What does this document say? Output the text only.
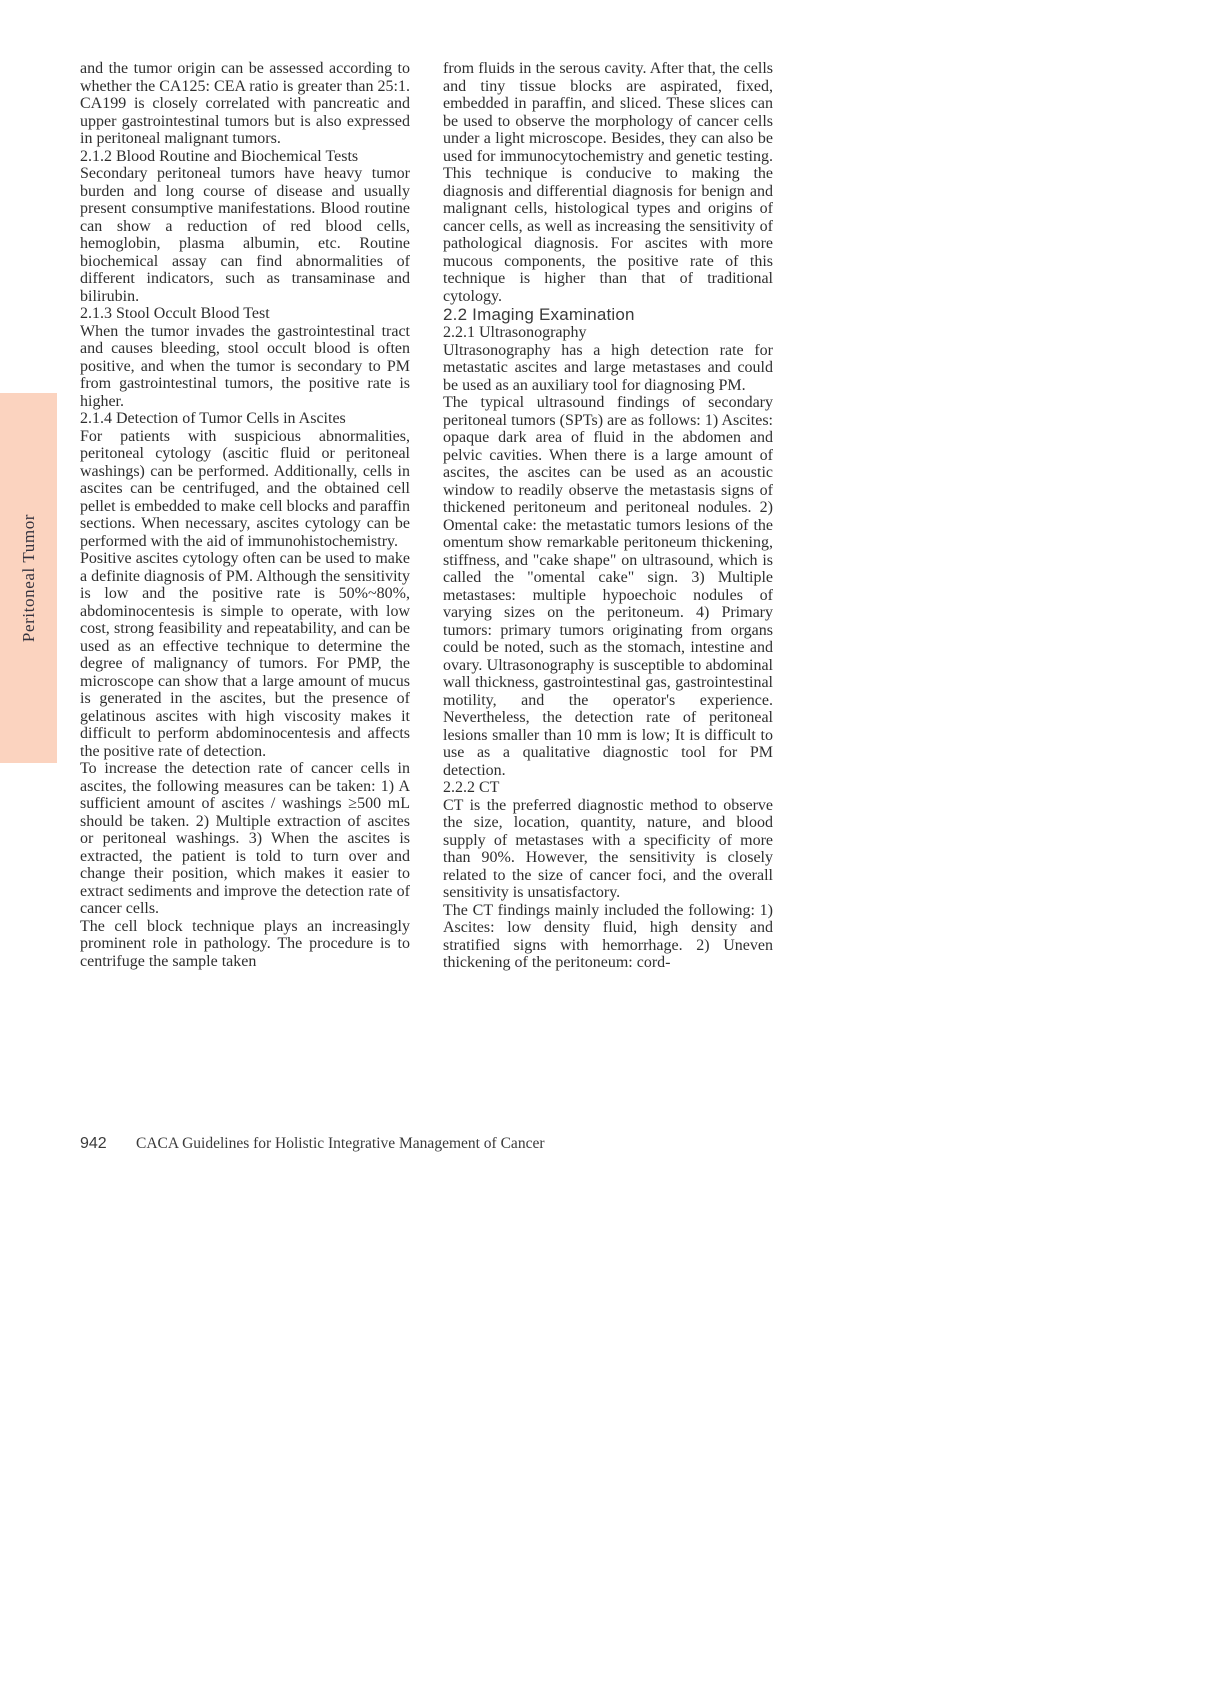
Peritoneal Tumor

and the tumor origin can be assessed according to whether the CA125: CEA ratio is greater than 25:1. CA199 is closely correlated with pancreatic and upper gastrointestinal tumors but is also expressed in peritoneal malignant tumors.

2.1.2 Blood Routine and Biochemical Tests

Secondary peritoneal tumors have heavy tumor burden and long course of disease and usually present consumptive manifestations. Blood routine can show a reduction of red blood cells, hemoglobin, plasma albumin, etc. Routine biochemical assay can find abnormalities of different indicators, such as transaminase and bilirubin.

2.1.3 Stool Occult Blood Test

When the tumor invades the gastrointestinal tract and causes bleeding, stool occult blood is often positive, and when the tumor is secondary to PM from gastrointestinal tumors, the positive rate is higher.

2.1.4 Detection of Tumor Cells in Ascites

For patients with suspicious abnormalities, peritoneal cytology (ascitic fluid or peritoneal washings) can be performed. Additionally, cells in ascites can be centrifuged, and the obtained cell pellet is embedded to make cell blocks and paraffin sections. When necessary, ascites cytology can be performed with the aid of immunohistochemistry.

Positive ascites cytology often can be used to make a definite diagnosis of PM. Although the sensitivity is low and the positive rate is 50%~80%, abdominocentesis is simple to operate, with low cost, strong feasibility and repeatability, and can be used as an effective technique to determine the degree of malignancy of tumors. For PMP, the microscope can show that a large amount of mucus is generated in the ascites, but the presence of gelatinous ascites with high viscosity makes it difficult to perform abdominocentesis and affects the positive rate of detection.

To increase the detection rate of cancer cells in ascites, the following measures can be taken: 1) A sufficient amount of ascites / washings ≥500 mL should be taken. 2) Multiple extraction of ascites or peritoneal washings. 3) When the ascites is extracted, the patient is told to turn over and change their position, which makes it easier to extract sediments and improve the detection rate of cancer cells.

The cell block technique plays an increasingly prominent role in pathology. The procedure is to centrifuge the sample taken

from fluids in the serous cavity. After that, the cells and tiny tissue blocks are aspirated, fixed, embedded in paraffin, and sliced. These slices can be used to observe the morphology of cancer cells under a light microscope. Besides, they can also be used for immunocytochemistry and genetic testing. This technique is conducive to making the diagnosis and differential diagnosis for benign and malignant cells, histological types and origins of cancer cells, as well as increasing the sensitivity of pathological diagnosis. For ascites with more mucous components, the positive rate of this technique is higher than that of traditional cytology.

2.2 Imaging Examination
2.2.1 Ultrasonography

Ultrasonography has a high detection rate for metastatic ascites and large metastases and could be used as an auxiliary tool for diagnosing PM.

The typical ultrasound findings of secondary peritoneal tumors (SPTs) are as follows: 1) Ascites: opaque dark area of fluid in the abdomen and pelvic cavities. When there is a large amount of ascites, the ascites can be used as an acoustic window to readily observe the metastasis signs of thickened peritoneum and peritoneal nodules. 2) Omental cake: the metastatic tumors lesions of the omentum show remarkable peritoneum thickening, stiffness, and "cake shape" on ultrasound, which is called the "omental cake" sign. 3) Multiple metastases: multiple hypoechoic nodules of varying sizes on the peritoneum. 4) Primary tumors: primary tumors originating from organs could be noted, such as the stomach, intestine and ovary. Ultrasonography is susceptible to abdominal wall thickness, gastrointestinal gas, gastrointestinal motility, and the operator's experience. Nevertheless, the detection rate of peritoneal lesions smaller than 10 mm is low; It is difficult to use as a qualitative diagnostic tool for PM detection.

2.2.2 CT

CT is the preferred diagnostic method to observe the size, location, quantity, nature, and blood supply of metastases with a specificity of more than 90%. However, the sensitivity is closely related to the size of cancer foci, and the overall sensitivity is unsatisfactory.

The CT findings mainly included the following: 1) Ascites: low density fluid, high density and stratified signs with hemorrhage. 2) Uneven thickening of the peritoneum: cord-

942	CACA Guidelines for Holistic Integrative Management of Cancer
